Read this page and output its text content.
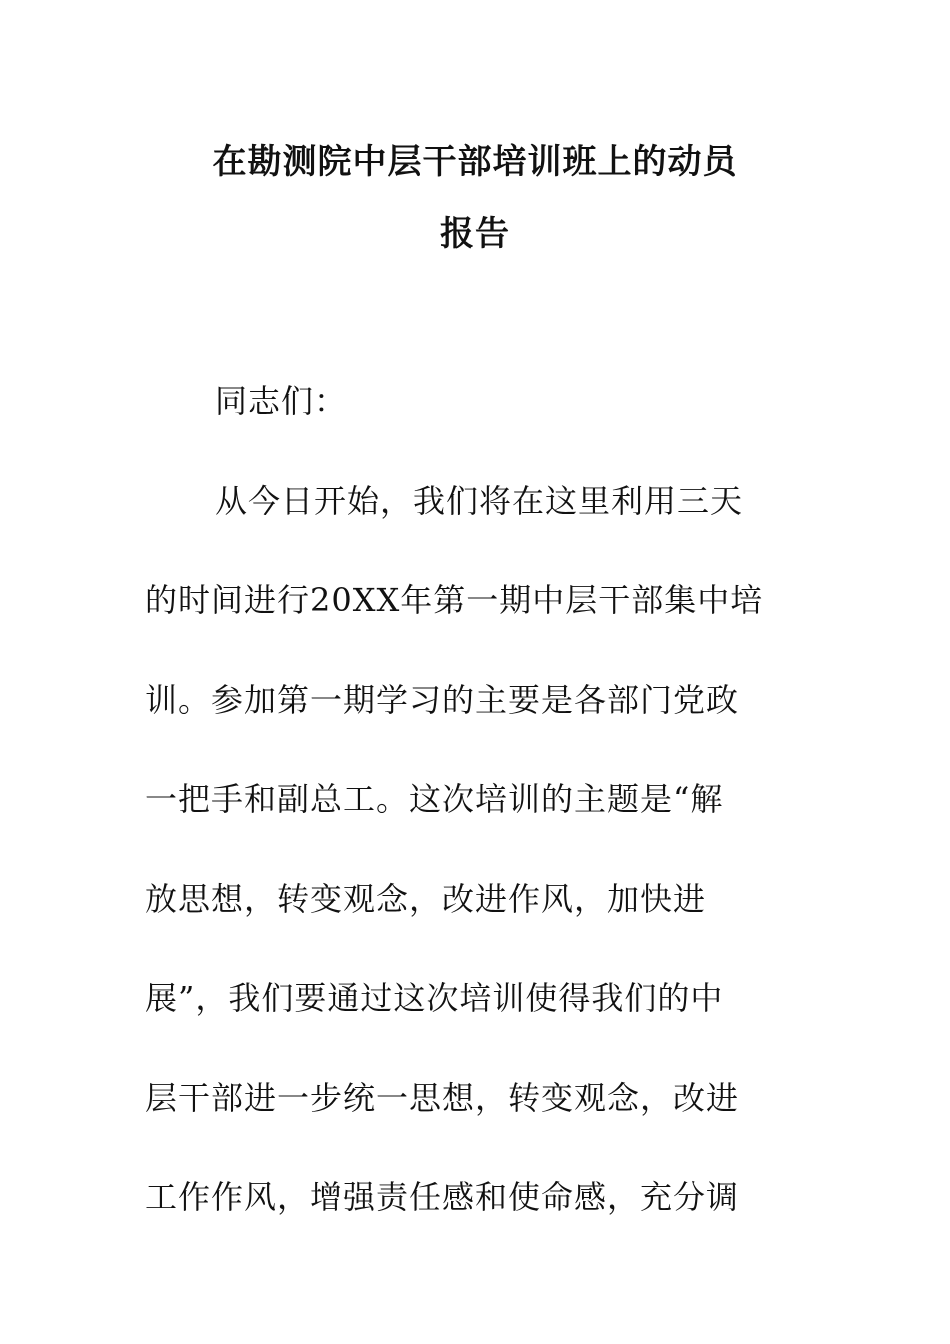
在勘测院中层干部培训班上的动员
报告
同志们：
从今日开始，我们将在这里利用三天
的时间进行20XX年第一期中层干部集中培
训。参加第一期学习的主要是各部门党政
一把手和副总工。这次培训的主题是“解
放思想，转变观念，改进作风，加快进
展”，我们要通过这次培训使得我们的中
层干部进一步统一思想，转变观念，改进
工作作风，增强责任感和使命感，充分调
